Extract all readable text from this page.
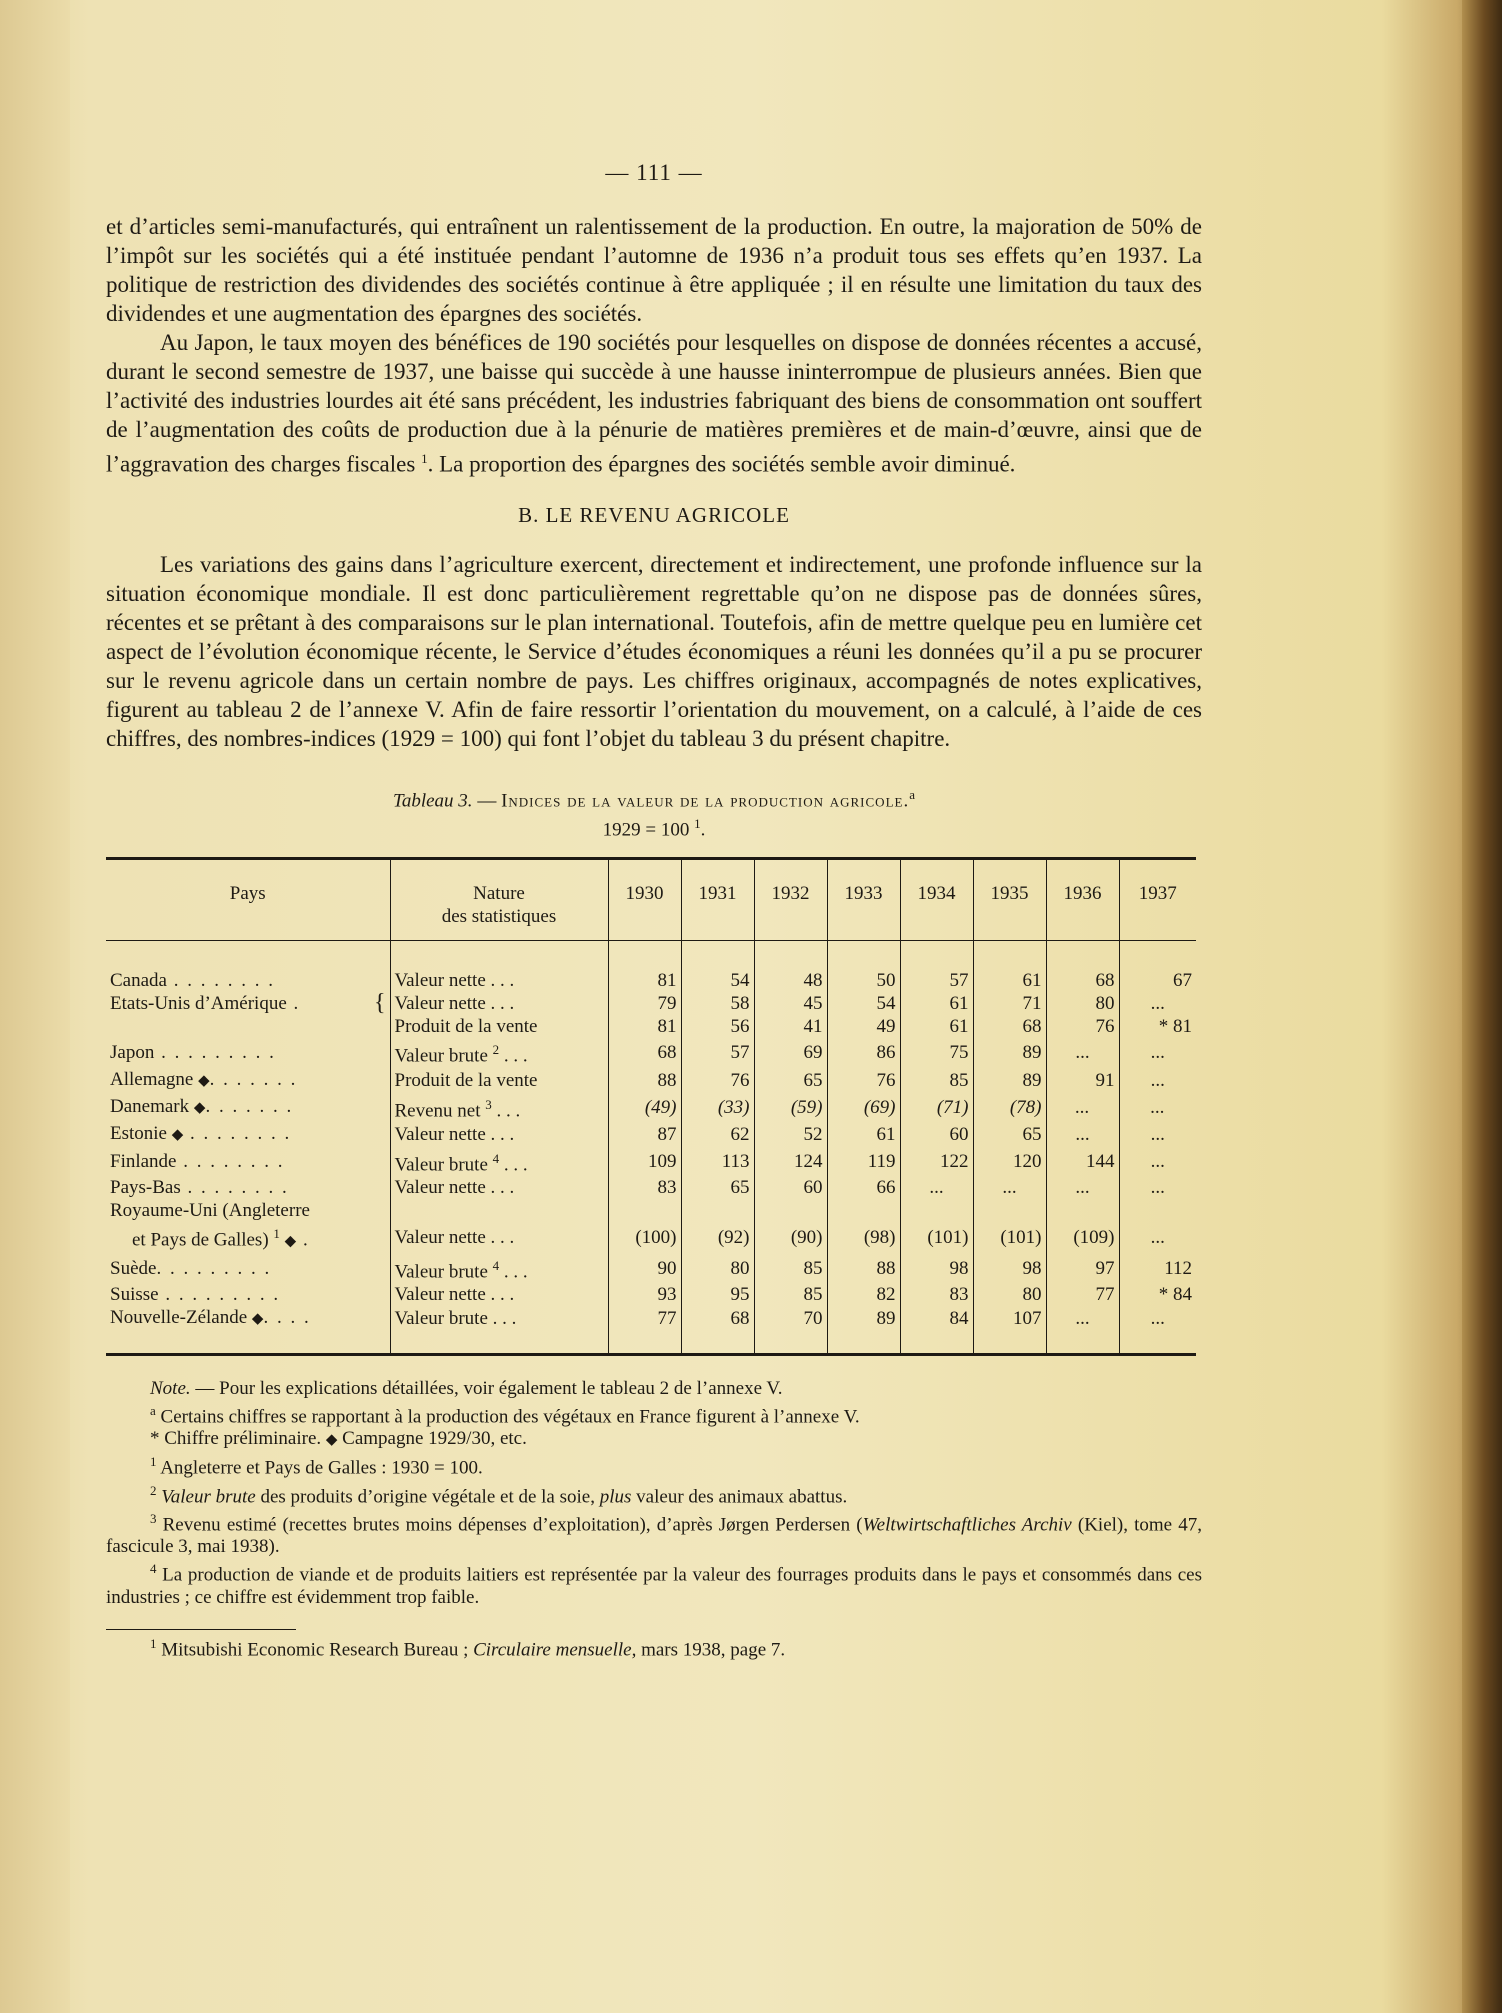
— 111 —

et d’articles semi-manufacturés, qui entraînent un ralentissement de la production. En outre, la majoration de 50% de l’impôt sur les sociétés qui a été instituée pendant l’automne de 1936 n’a produit tous ses effets qu’en 1937. La politique de restriction des dividendes des sociétés continue à être appliquée ; il en résulte une limitation du taux des dividendes et une augmentation des épargnes des sociétés.

Au Japon, le taux moyen des bénéfices de 190 sociétés pour lesquelles on dispose de données récentes a accusé, durant le second semestre de 1937, une baisse qui succède à une hausse ininterrompue de plusieurs années. Bien que l’activité des industries lourdes ait été sans précédent, les industries fabriquant des biens de consommation ont souffert de l’augmentation des coûts de production due à la pénurie de matières premières et de main-d’œuvre, ainsi que de l’aggravation des charges fiscales $^1$. La proportion des épargnes des sociétés semble avoir diminué.

B. LE REVENU AGRICOLE

Les variations des gains dans l’agriculture exercent, directement et indirectement, une profonde influence sur la situation économique mondiale. Il est donc particulièrement regrettable qu’on ne dispose pas de données sûres, récentes et se prêtant à des comparaisons sur le plan international. Toutefois, afin de mettre quelque peu en lumière cet aspect de l’évolution économique récente, le Service d’études économiques a réuni les données qu’il a pu se procurer sur le revenu agricole dans un certain nombre de pays. Les chiffres originaux, accompagnés de notes explicatives, figurent au tableau 2 de l’annexe V. Afin de faire ressortir l’orientation du mouvement, on a calculé, à l’aide de ces chiffres, des nombres-indices (1929 = 100) qui font l’objet du tableau 3 du présent chapitre.

Tableau 3. — Indices de la valeur de la production agricole.$^a$
1929 = 100 $^1$.
Pays	Nature
des statistiques	1930	1931	1932	1933	1934	1935	1936	1937

Canada . . . . . . . .	Valeur nette . . .	81	54	48	50	57	61	68	67
Etats-Unis d’Amérique . {	Valeur nette . . .	79	58	45	54	61	71	80	...
	Produit de la vente	81	56	41	49	61	68	76	* 81
Japon . . . . . . . . .	Valeur brute $^2$ . . .	68	57	69	86	75	89	...	...
Allemagne ◆. . . . . . .	Produit de la vente	88	76	65	76	85	89	91	...
Danemark ◆. . . . . . .	Revenu net $^3$ . . .	(49)	(33)	(59)	(69)	(71)	(78)	...	...
Estonie ◆ . . . . . . . .	Valeur nette . . .	87	62	52	61	60	65	...	...
Finlande . . . . . . . .	Valeur brute $^4$ . . .	109	113	124	119	122	120	144	...
Pays-Bas . . . . . . . .	Valeur nette . . .	83	65	60	66	...	...	...	...
Royaume-Uni (Angleterre									
et Pays de Galles) $^1$ ◆ .	Valeur nette . . .	(100)	(92)	(90)	(98)	(101)	(101)	(109)	...
Suède. . . . . . . . .	Valeur brute $^4$ . . .	90	80	85	88	98	98	97	112
Suisse . . . . . . . . .	Valeur nette . . .	93	95	85	82	83	80	77	* 84
Nouvelle-Zélande ◆. . . .	Valeur brute . . .	77	68	70	89	84	107	...	...

Note. — Pour les explications détaillées, voir également le tableau 2 de l’annexe V.

$^a$ Certains chiffres se rapportant à la production des végétaux en France figurent à l’annexe V.

* Chiffre préliminaire. ◆ Campagne 1929/30, etc.

$^1$ Angleterre et Pays de Galles : 1930 = 100.

$^2$ Valeur brute des produits d’origine végétale et de la soie, plus valeur des animaux abattus.

$^3$ Revenu estimé (recettes brutes moins dépenses d’exploitation), d’après Jørgen Perdersen (Weltwirtschaftliches Archiv (Kiel), tome 47, fascicule 3, mai 1938).

$^4$ La production de viande et de produits laitiers est représentée par la valeur des fourrages produits dans le pays et consommés dans ces industries ; ce chiffre est évidemment trop faible.

$^1$ Mitsubishi Economic Research Bureau ; Circulaire mensuelle, mars 1938, page 7.
